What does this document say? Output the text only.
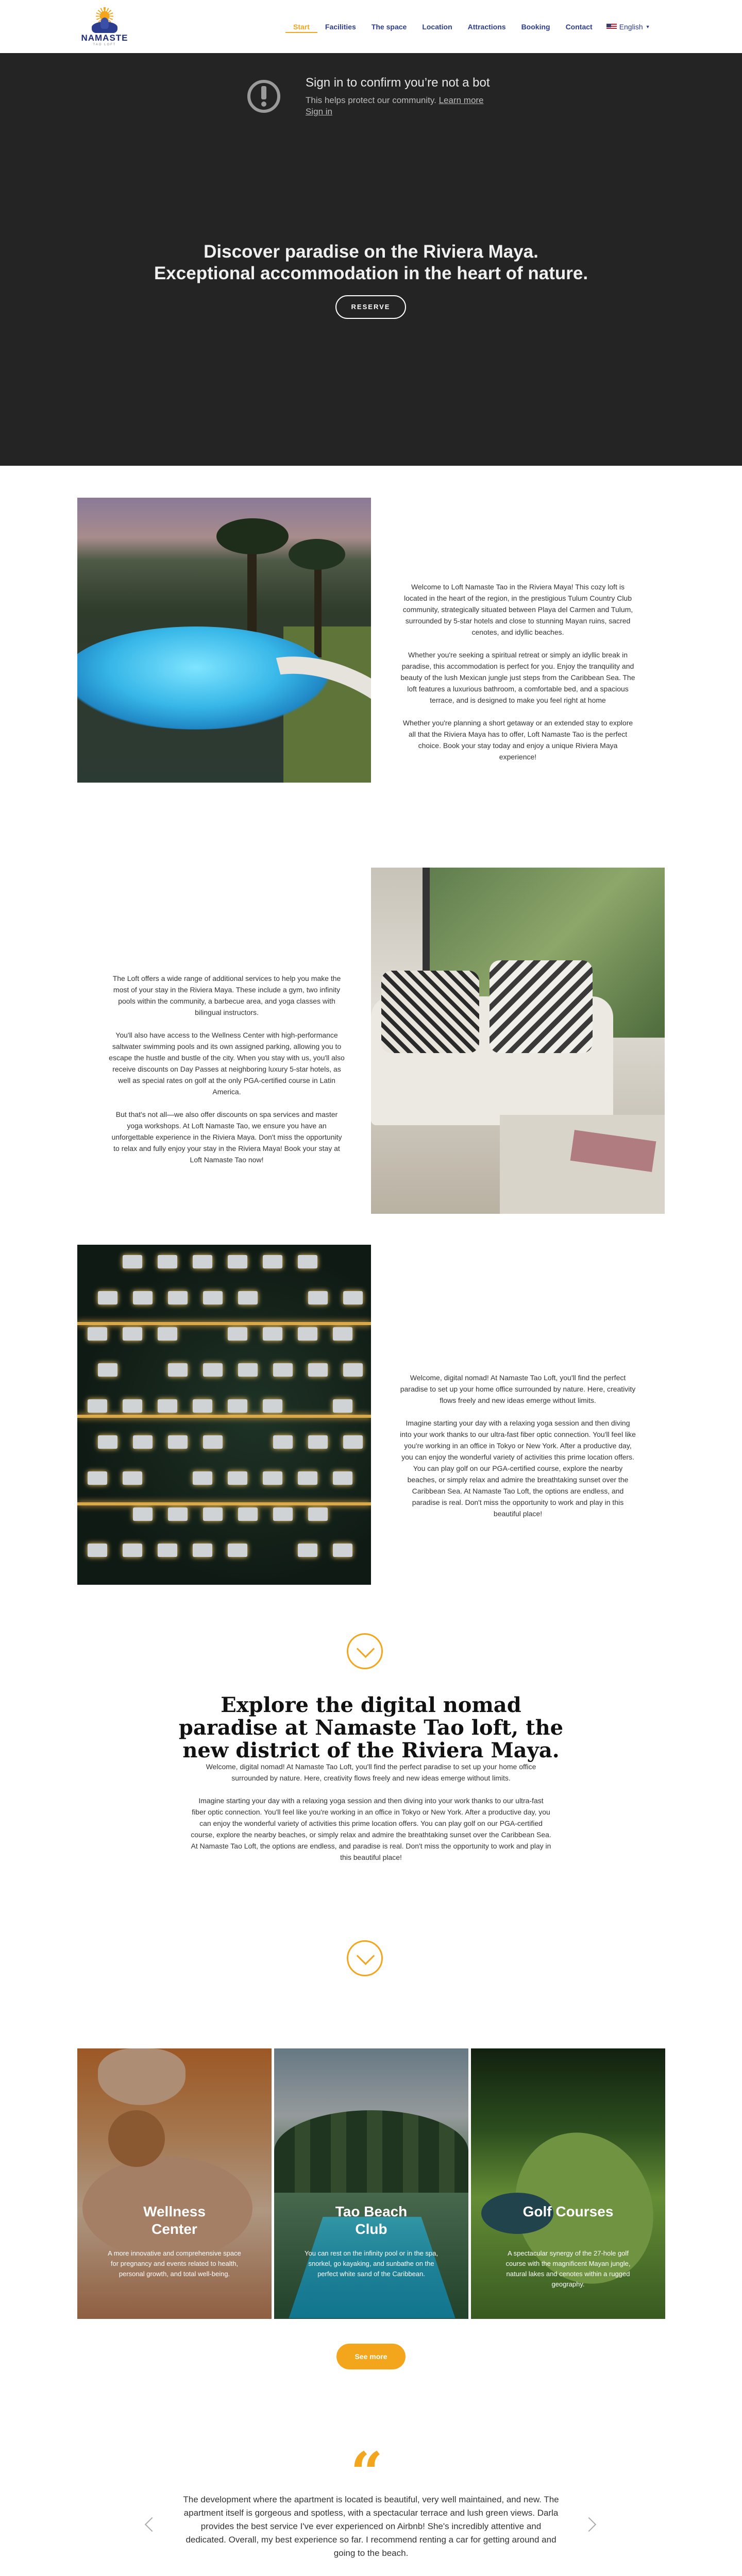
NAMASTE
TAO LOFT
Start	Facilities	The space	Location	Attractions	Booking	Contact	English ▼
Sign in to confirm you’re not a bot
This helps protect our community. Learn more
Sign in
Discover paradise on the Riviera Maya.
Exceptional accommodation in the heart of nature.
RESERVE

Welcome to Loft Namaste Tao in the Riviera Maya! This cozy loft is located in the heart of the region, in the prestigious Tulum Country Club community, strategically situated between Playa del Carmen and Tulum, surrounded by 5-star hotels and close to stunning Mayan ruins, sacred cenotes, and idyllic beaches.

Whether you're seeking a spiritual retreat or simply an idyllic break in paradise, this accommodation is perfect for you. Enjoy the tranquility and beauty of the lush Mexican jungle just steps from the Caribbean Sea. The loft features a luxurious bathroom, a comfortable bed, and a spacious terrace, and is designed to make you feel right at home

Whether you're planning a short getaway or an extended stay to explore all that the Riviera Maya has to offer, Loft Namaste Tao is the perfect choice. Book your stay today and enjoy a unique Riviera Maya experience!

The Loft offers a wide range of additional services to help you make the most of your stay in the Riviera Maya. These include a gym, two infinity pools within the community, a barbecue area, and yoga classes with bilingual instructors.

You'll also have access to the Wellness Center with high-performance saltwater swimming pools and its own assigned parking, allowing you to escape the hustle and bustle of the city. When you stay with us, you'll also receive discounts on Day Passes at neighboring luxury 5-star hotels, as well as special rates on golf at the only PGA-certified course in Latin America.

But that's not all—we also offer discounts on spa services and master yoga workshops. At Loft Namaste Tao, we ensure you have an unforgettable experience in the Riviera Maya. Don't miss the opportunity to relax and fully enjoy your stay in the Riviera Maya! Book your stay at Loft Namaste Tao now!

Welcome, digital nomad! At Namaste Tao Loft, you'll find the perfect paradise to set up your home office surrounded by nature. Here, creativity flows freely and new ideas emerge without limits.

Imagine starting your day with a relaxing yoga session and then diving into your work thanks to our ultra-fast fiber optic connection. You'll feel like you're working in an office in Tokyo or New York. After a productive day, you can enjoy the wonderful variety of activities this prime location offers. You can play golf on our PGA-certified course, explore the nearby beaches, or simply relax and admire the breathtaking sunset over the Caribbean Sea. At Namaste Tao Loft, the options are endless, and paradise is real. Don't miss the opportunity to work and play in this beautiful place!

Explore the digital nomad paradise at Namaste Tao loft, the new district of the Riviera Maya.

Welcome, digital nomad! At Namaste Tao Loft, you'll find the perfect paradise to set up your home office surrounded by nature. Here, creativity flows freely and new ideas emerge without limits.

Imagine starting your day with a relaxing yoga session and then diving into your work thanks to our ultra-fast fiber optic connection. You'll feel like you're working in an office in Tokyo or New York. After a productive day, you can enjoy the wonderful variety of activities this prime location offers. You can play golf on our PGA-certified course, explore the nearby beaches, or simply relax and admire the breathtaking sunset over the Caribbean Sea. At Namaste Tao Loft, the options are endless, and paradise is real. Don't miss the opportunity to work and play in this beautiful place!

Wellness Center
A more innovative and comprehensive space for pregnancy and events related to health, personal growth, and total well-being.
Tao Beach Club
You can rest on the infinity pool or in the spa, snorkel, go kayaking, and sunbathe on the perfect white sand of the Caribbean.
Golf Courses
A spectacular synergy of the 27-hole golf course with the magnificent Mayan jungle, natural lakes and cenotes within a rugged geography.
See more
“

The development where the apartment is located is beautiful, very well maintained, and new. The apartment itself is gorgeous and spotless, with a spectacular terrace and lush green views. Darla provides the best service I've ever experienced on Airbnb! She's incredibly attentive and dedicated. Overall, my best experience so far. I recommend renting a car for getting around and going to the beach.
